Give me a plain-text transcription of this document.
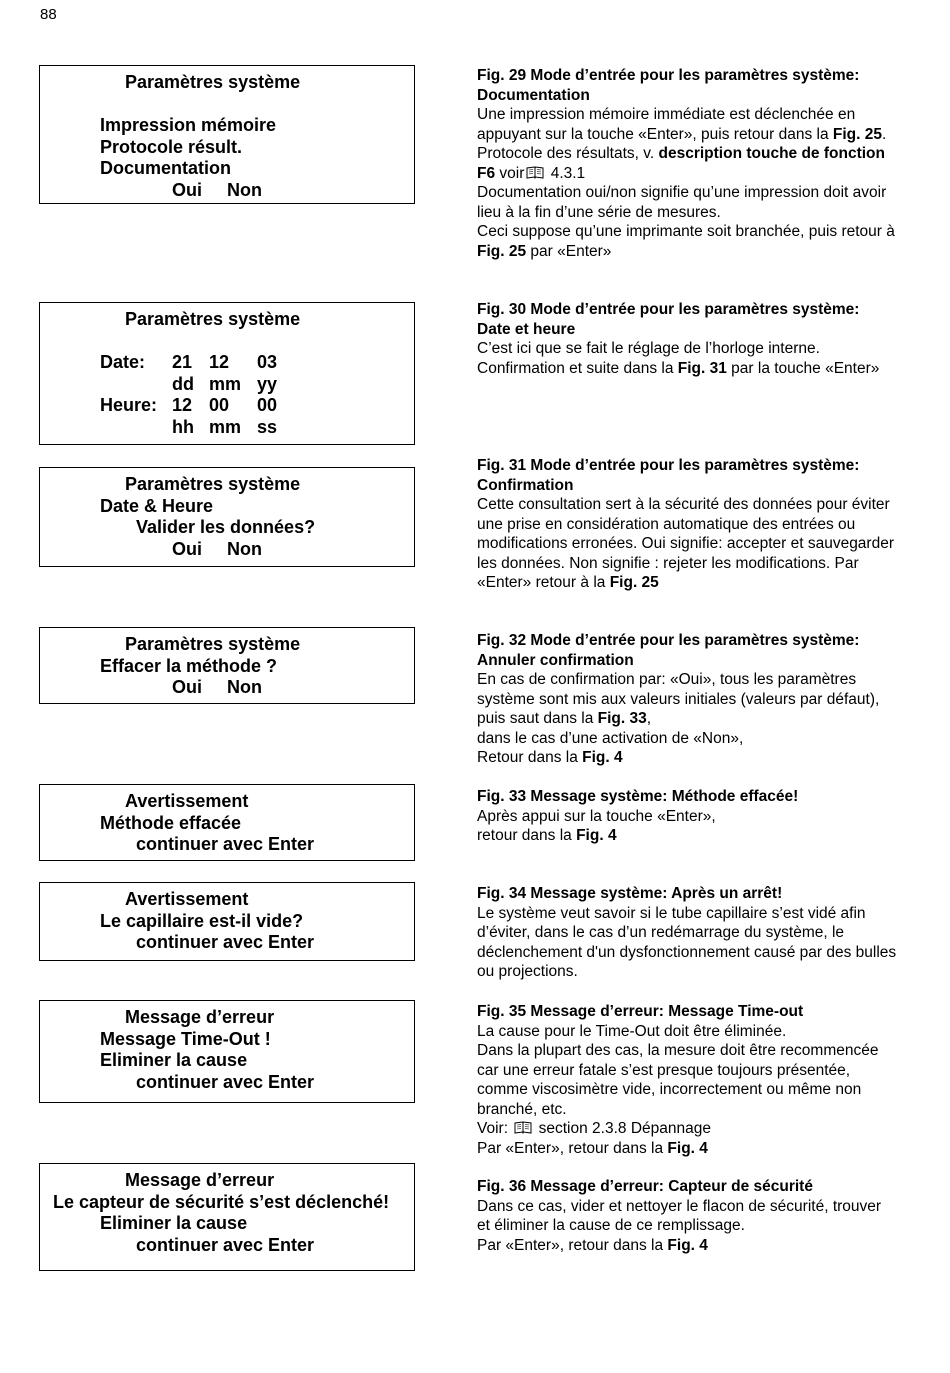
88
Paramètres système
Impression mémoire
Protocole résult.
Documentation
Oui     Non
Paramètres système
Date: 21 12 03
dd mm yy
Heure: 12 00 00
hh mm ss
Paramètres système
Date & Heure
Valider les données?
Oui     Non
Paramètres système
Effacer la méthode ?
Oui     Non
Avertissement
Méthode effacée
continuer avec Enter
Avertissement
Le capillaire est-il vide?
continuer avec Enter
Message d’erreur
Message Time-Out !
Eliminer la cause
continuer avec Enter
Message d’erreur
Le capteur de sécurité s’est déclenché!
Eliminer la cause
continuer avec Enter

Fig. 29 Mode d’entrée pour les paramètres système: Documentation

Une impression mémoire immédiate est déclenchée en appuyant sur la touche «Enter», puis retour dans la Fig. 25.

Protocole des résultats, v. description touche de fonction F6 voir 4.3.1

Documentation oui/non signifie qu’une impression doit avoir lieu à la fin d’une série de mesures.

Ceci suppose qu’une imprimante soit branchée, puis retour à Fig. 25 par «Enter»

Fig. 30 Mode d’entrée pour les paramètres système: Date et heure

C’est ici que se fait le réglage de l’horloge interne.

Confirmation et suite dans la Fig. 31 par la touche «Enter»

Fig. 31 Mode d’entrée pour les paramètres système: Confirmation

Cette consultation sert à la sécurité des données pour éviter une prise en considération automatique des entrées ou modifications erronées. Oui signifie: accepter et sauvegarder les données. Non signifie : rejeter les modifications. Par «Enter» retour à la Fig. 25

Fig. 32 Mode d’entrée pour les paramètres système: Annuler confirmation

En cas de confirmation par: «Oui», tous les paramètres système sont mis aux valeurs initiales (valeurs par défaut), puis saut dans la Fig. 33,

dans le cas d’une activation de «Non»,

Retour dans la Fig. 4

Fig. 33 Message système: Méthode effacée!

Après appui sur la touche «Enter»,

retour dans la Fig. 4

Fig. 34 Message système: Après un arrêt!

Le système veut savoir si le tube capillaire s’est vidé afin d’éviter, dans le cas d’un redémarrage du système, le déclenchement d'un dysfonctionnement causé par des bulles ou projections.

Fig. 35 Message d’erreur: Message Time-out

La cause pour le Time-Out doit être éliminée.

Dans la plupart des cas, la mesure doit être recommencée car une erreur fatale s’est presque toujours présentée, comme viscosimètre vide, incorrectement ou même non branché, etc.

Voir:  section 2.3.8 Dépannage

Par «Enter», retour dans la Fig. 4

Fig. 36 Message d’erreur: Capteur de sécurité

Dans ce cas, vider et nettoyer le flacon de sécurité, trouver et éliminer la cause de ce remplissage.

Par «Enter», retour dans la Fig. 4
